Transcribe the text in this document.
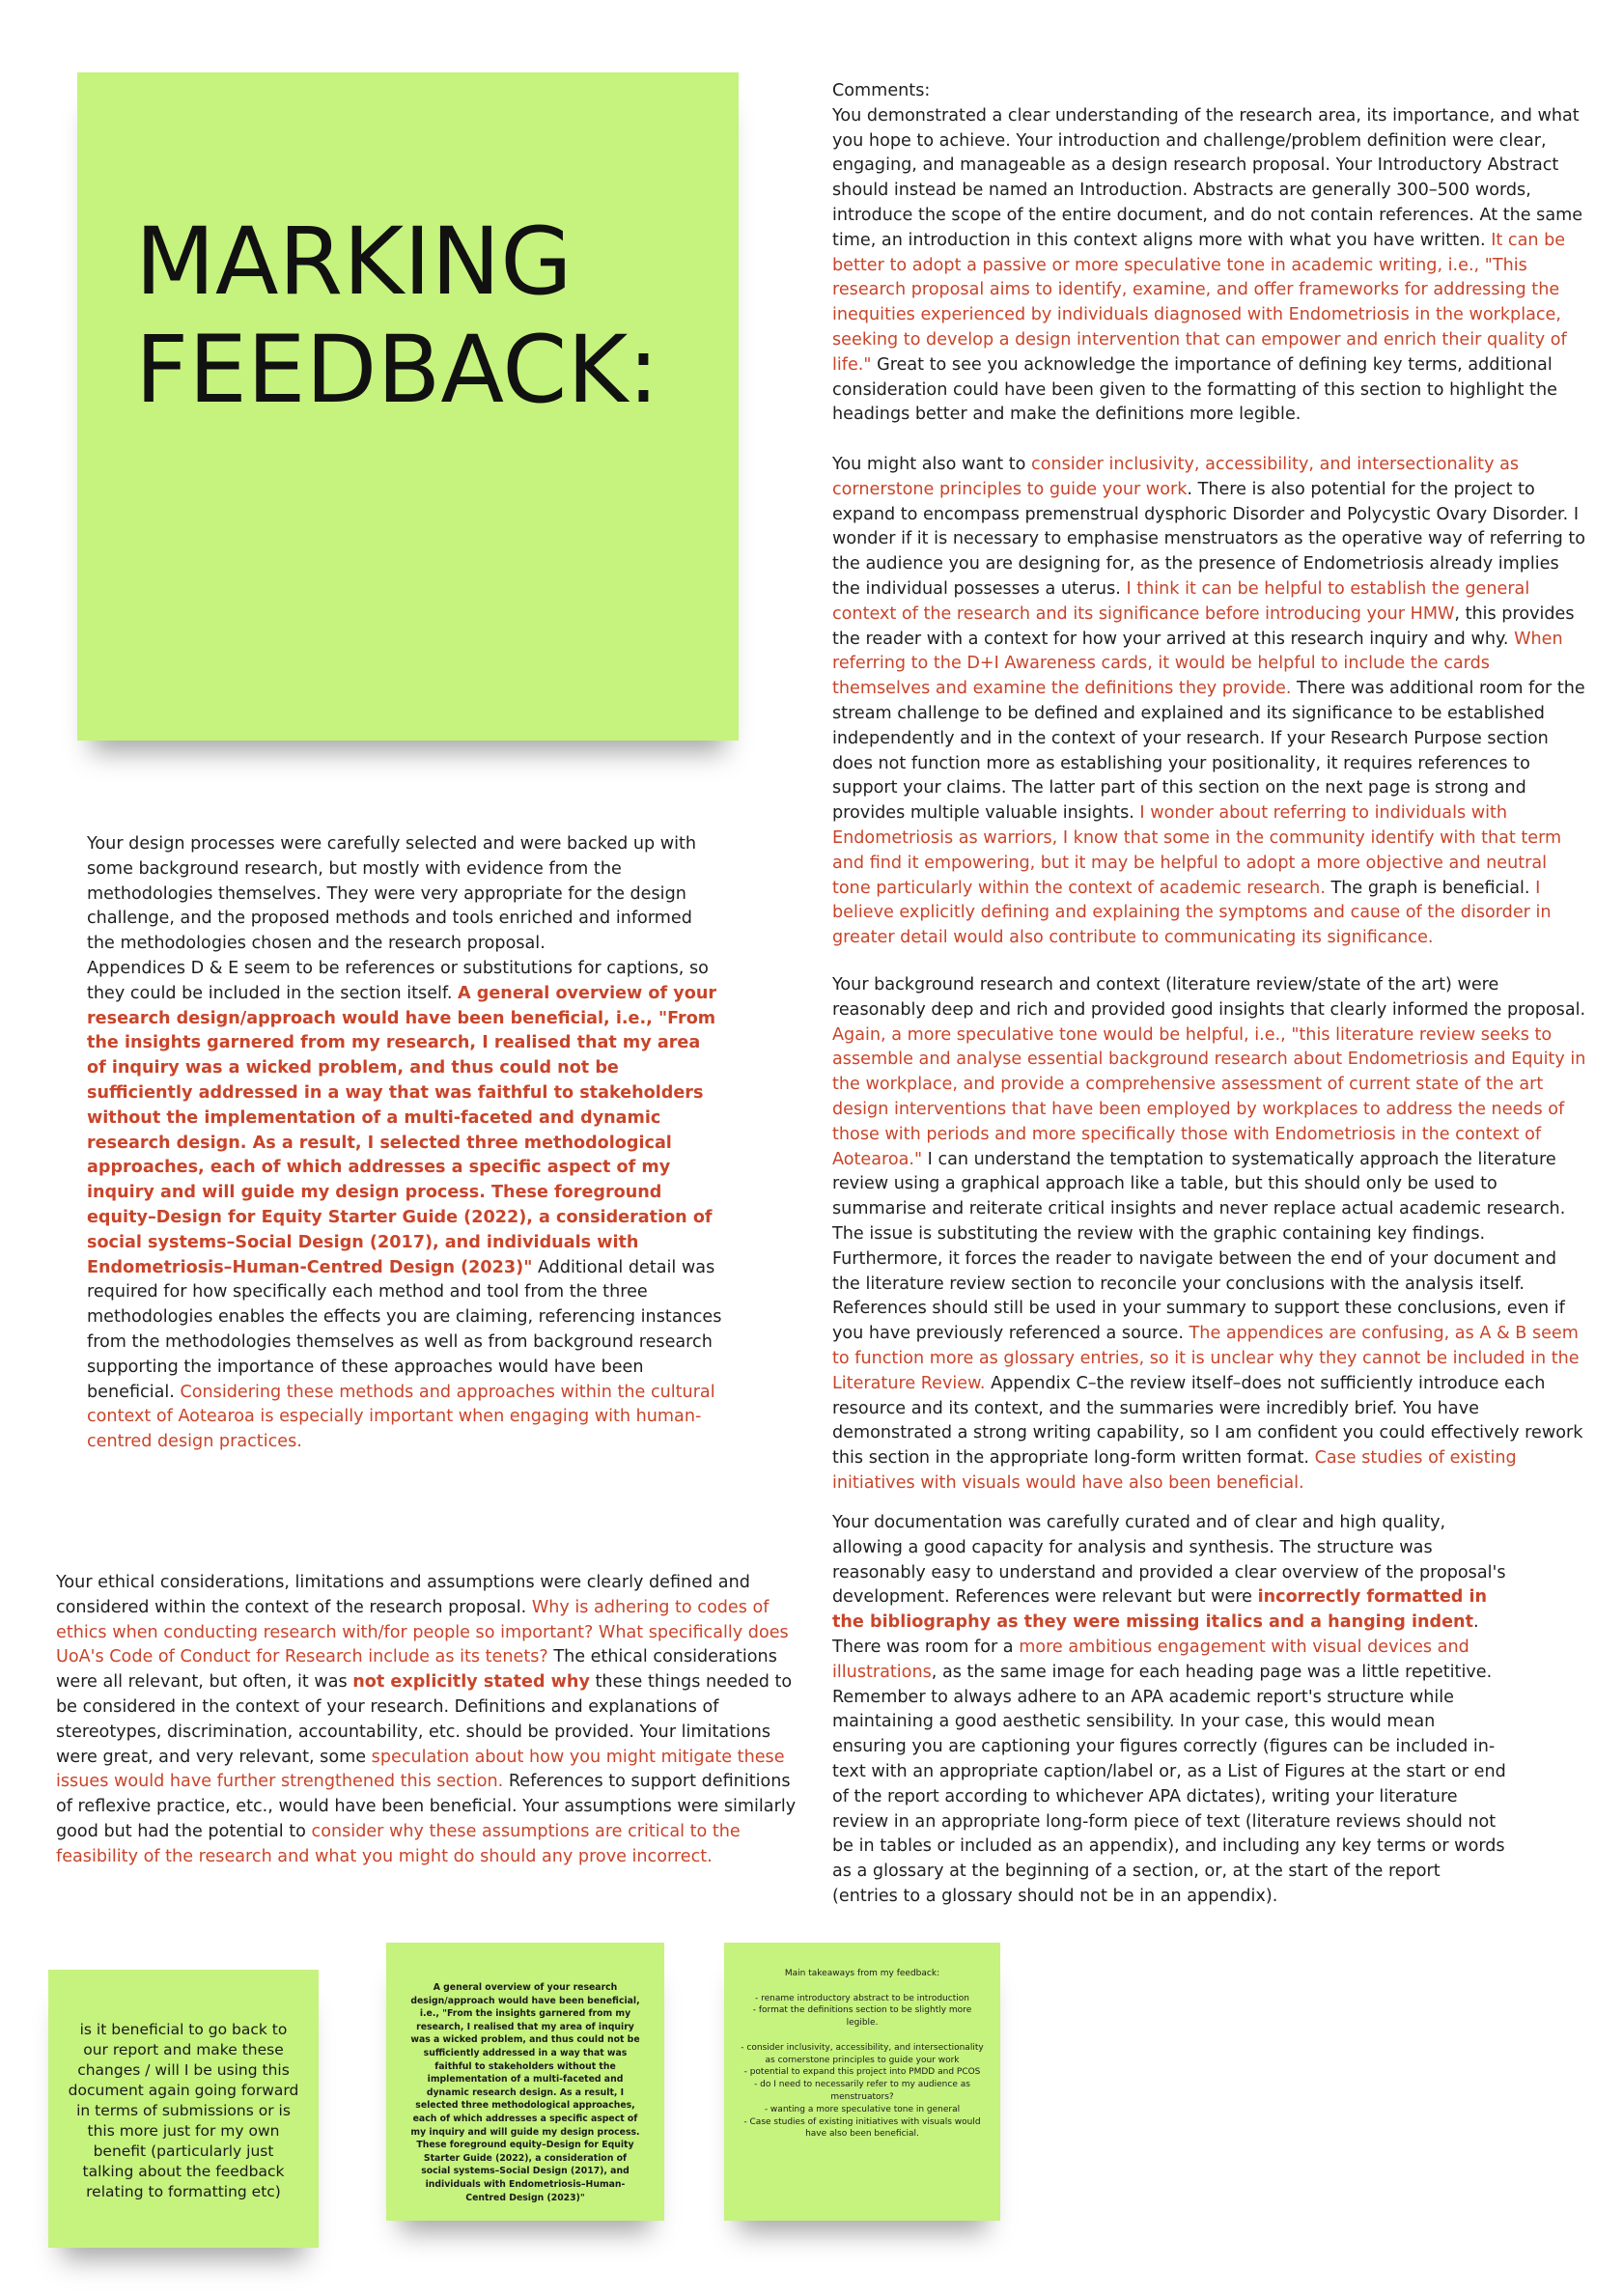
MARKING
FEEDBACK:

Comments:

You demonstrated a clear understanding of the research area, its importance, and what you hope to achieve. Your introduction and challenge/problem definition were clear, engaging, and manageable as a design research proposal. Your Introductory Abstract should instead be named an Introduction. Abstracts are generally 300–500 words, introduce the scope of the entire document, and do not contain references. At the same time, an introduction in this context aligns more with what you have written. It can be better to adopt a passive or more speculative tone in academic writing, i.e., "This research proposal aims to identify, examine, and offer frameworks for addressing the inequities experienced by individuals diagnosed with Endometriosis in the workplace, seeking to develop a design intervention that can empower and enrich their quality of life." Great to see you acknowledge the importance of defining key terms, additional consideration could have been given to the formatting of this section to highlight the headings better and make the definitions more legible.

You might also want to consider inclusivity, accessibility, and intersectionality as cornerstone principles to guide your work. There is also potential for the project to expand to encompass premenstrual dysphoric Disorder and Polycystic Ovary Disorder. I wonder if it is necessary to emphasise menstruators as the operative way of referring to the audience you are designing for, as the presence of Endometriosis already implies the individual possesses a uterus. I think it can be helpful to establish the general context of the research and its significance before introducing your HMW, this provides the reader with a context for how your arrived at this research inquiry and why. When referring to the D+I Awareness cards, it would be helpful to include the cards themselves and examine the definitions they provide. There was additional room for the stream challenge to be defined and explained and its significance to be established independently and in the context of your research. If your Research Purpose section does not function more as establishing your positionality, it requires references to support your claims. The latter part of this section on the next page is strong and provides multiple valuable insights. I wonder about referring to individuals with Endometriosis as warriors, I know that some in the community identify with that term and find it empowering, but it may be helpful to adopt a more objective and neutral tone particularly within the context of academic research. The graph is beneficial. I believe explicitly defining and explaining the symptoms and cause of the disorder in greater detail would also contribute to communicating its significance.

Your design processes were carefully selected and were backed up with some background research, but mostly with evidence from the methodologies themselves. They were very appropriate for the design challenge, and the proposed methods and tools enriched and informed the methodologies chosen and the research proposal.

Appendices D & E seem to be references or substitutions for captions, so they could be included in the section itself. A general overview of your research design/approach would have been beneficial, i.e., "From the insights garnered from my research, I realised that my area of inquiry was a wicked problem, and thus could not be sufficiently addressed in a way that was faithful to stakeholders without the implementation of a multi-faceted and dynamic research design. As a result, I selected three methodological approaches, each of which addresses a specific aspect of my inquiry and will guide my design process. These foreground equity–Design for Equity Starter Guide (2022), a consideration of social systems–Social Design (2017), and individuals with Endometriosis–Human-Centred Design (2023)" Additional detail was required for how specifically each method and tool from the three methodologies enables the effects you are claiming, referencing instances from the methodologies themselves as well as from background research supporting the importance of these approaches would have been beneficial. Considering these methods and approaches within the cultural context of Aotearoa is especially important when engaging with human-centred design practices.

Your background research and context (literature review/state of the art) were reasonably deep and rich and provided good insights that clearly informed the proposal. Again, a more speculative tone would be helpful, i.e., "this literature review seeks to assemble and analyse essential background research about Endometriosis and Equity in the workplace, and provide a comprehensive assessment of current state of the art design interventions that have been employed by workplaces to address the needs of those with periods and more specifically those with Endometriosis in the context of Aotearoa." I can understand the temptation to systematically approach the literature review using a graphical approach like a table, but this should only be used to summarise and reiterate critical insights and never replace actual academic research. The issue is substituting the review with the graphic containing key findings. Furthermore, it forces the reader to navigate between the end of your document and the literature review section to reconcile your conclusions with the analysis itself. References should still be used in your summary to support these conclusions, even if you have previously referenced a source. The appendices are confusing, as A & B seem to function more as glossary entries, so it is unclear why they cannot be included in the Literature Review. Appendix C–the review itself–does not sufficiently introduce each resource and its context, and the summaries were incredibly brief. You have demonstrated a strong writing capability, so I am confident you could effectively rework this section in the appropriate long-form written format. Case studies of existing initiatives with visuals would have also been beneficial.

Your ethical considerations, limitations and assumptions were clearly defined and considered within the context of the research proposal. Why is adhering to codes of ethics when conducting research with/for people so important? What specifically does UoA's Code of Conduct for Research include as its tenets? The ethical considerations were all relevant, but often, it was not explicitly stated why these things needed to be considered in the context of your research. Definitions and explanations of stereotypes, discrimination, accountability, etc. should be provided. Your limitations were great, and very relevant, some speculation about how you might mitigate these issues would have further strengthened this section. References to support definitions of reflexive practice, etc., would have been beneficial. Your assumptions were similarly good but had the potential to consider why these assumptions are critical to the feasibility of the research and what you might do should any prove incorrect.

Your documentation was carefully curated and of clear and high quality, allowing a good capacity for analysis and synthesis. The structure was reasonably easy to understand and provided a clear overview of the proposal's development. References were relevant but were incorrectly formatted in the bibliography as they were missing italics and a hanging indent. There was room for a more ambitious engagement with visual devices and illustrations, as the same image for each heading page was a little repetitive. Remember to always adhere to an APA academic report's structure while maintaining a good aesthetic sensibility. In your case, this would mean ensuring you are captioning your figures correctly (figures can be included in-text with an appropriate caption/label or, as a List of Figures at the start or end of the report according to whichever APA dictates), writing your literature review in an appropriate long-form piece of text (literature reviews should not be in tables or included as an appendix), and including any key terms or words as a glossary at the beginning of a section, or, at the start of the report (entries to a glossary should not be in an appendix).

is it beneficial to go back to our report and make these changes / will I be using this document again going forward in terms of submissions or is this more just for my own benefit (particularly just talking about the feedback relating to formatting etc)
A general overview of your research design/approach would have been beneficial, i.e., "From the insights garnered from my research, I realised that my area of inquiry was a wicked problem, and thus could not be sufficiently addressed in a way that was faithful to stakeholders without the implementation of a multi-faceted and dynamic research design. As a result, I selected three methodological approaches, each of which addresses a specific aspect of my inquiry and will guide my design process. These foreground equity–Design for Equity Starter Guide (2022), a consideration of social systems–Social Design (2017), and individuals with Endometriosis–Human-Centred Design (2023)"
Main takeaways from my feedback:
- rename introductory abstract to be introduction
- format the definitions section to be slightly more legible.
- consider inclusivity, accessibility, and intersectionality as cornerstone principles to guide your work
- potential to expand this project into PMDD and PCOS
- do I need to necessarily refer to my audience as menstruators?
- wanting a more speculative tone in general
- Case studies of existing initiatives with visuals would have also been beneficial.
